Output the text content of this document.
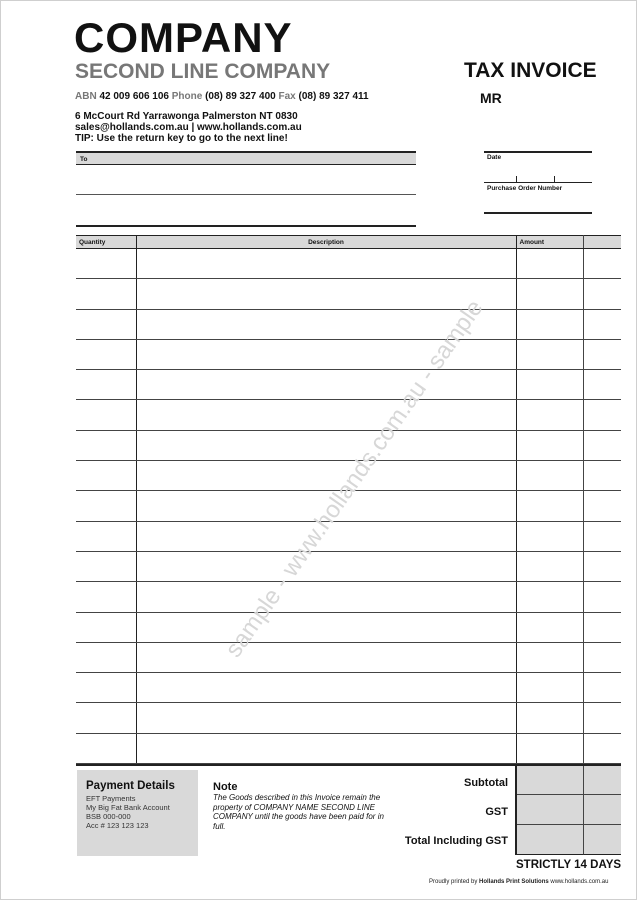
COMPANY
SECOND LINE COMPANY
ABN 42 009 606 106 Phone (08) 89 327 400 Fax (08) 89 327 411
6 McCourt Rd Yarrawonga Palmerston NT 0830
sales@hollands.com.au | www.hollands.com.au
TIP: Use the return key to go to the next line!
TAX INVOICE
MR
To	Date
Purchase Order Number
Quantity	Description	Amount	

sample - www.hollands.com.au - sample
Payment Details
EFT Payments
My Big Fat Bank Account
BSB 000-000
Acc # 123 123 123
Note
The Goods described in this Invoice remain the property of COMPANY NAME SECOND LINE COMPANY until the goods have been paid for in full.
Subtotal
GST
Total Including GST
STRICTLY 14 DAYS
Proudly printed by Hollands Print Solutions www.hollands.com.au
